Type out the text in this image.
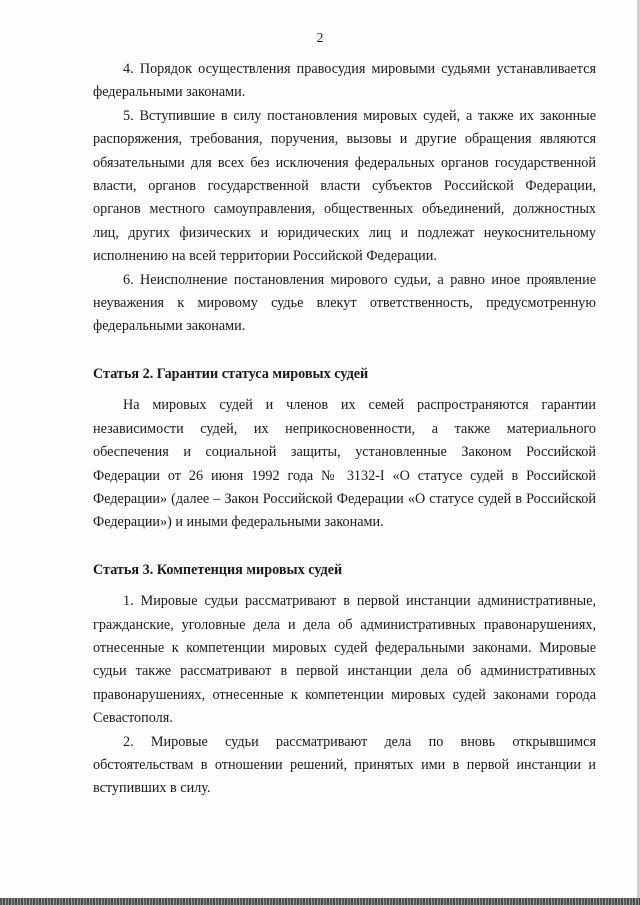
2

4. Порядок осуществления правосудия мировыми судьями устанавливается федеральными законами.

5. Вступившие в силу постановления мировых судей, а также их законные распоряжения, требования, поручения, вызовы и другие обращения являются обязательными для всех без исключения федеральных органов государственной власти, органов государственной власти субъектов Российской Федерации, органов местного самоуправления, общественных объединений, должностных лиц, других физических и юридических лиц и подлежат неукоснительному исполнению на всей территории Российской Федерации.

6. Неисполнение постановления мирового судьи, а равно иное проявление неуважения к мировому судье влекут ответственность, предусмотренную федеральными законами.

Статья 2. Гарантии статуса мировых судей

На мировых судей и членов их семей распространяются гарантии независимости судей, их неприкосновенности, а также материального обеспечения и социальной защиты, установленные Законом Российской Федерации от 26 июня 1992 года № 3132-I «О статусе судей в Российской Федерации» (далее – Закон Российской Федерации «О статусе судей в Российской Федерации») и иными федеральными законами.

Статья 3. Компетенция мировых судей

1. Мировые судьи рассматривают в первой инстанции административные, гражданские, уголовные дела и дела об административных правонарушениях, отнесенные к компетенции мировых судей федеральными законами. Мировые судьи также рассматривают в первой инстанции дела об административных правонарушениях, отнесенные к компетенции мировых судей законами города Севастополя.

2. Мировые судьи рассматривают дела по вновь открывшимся обстоятельствам в отношении решений, принятых ими в первой инстанции и вступивших в силу.
